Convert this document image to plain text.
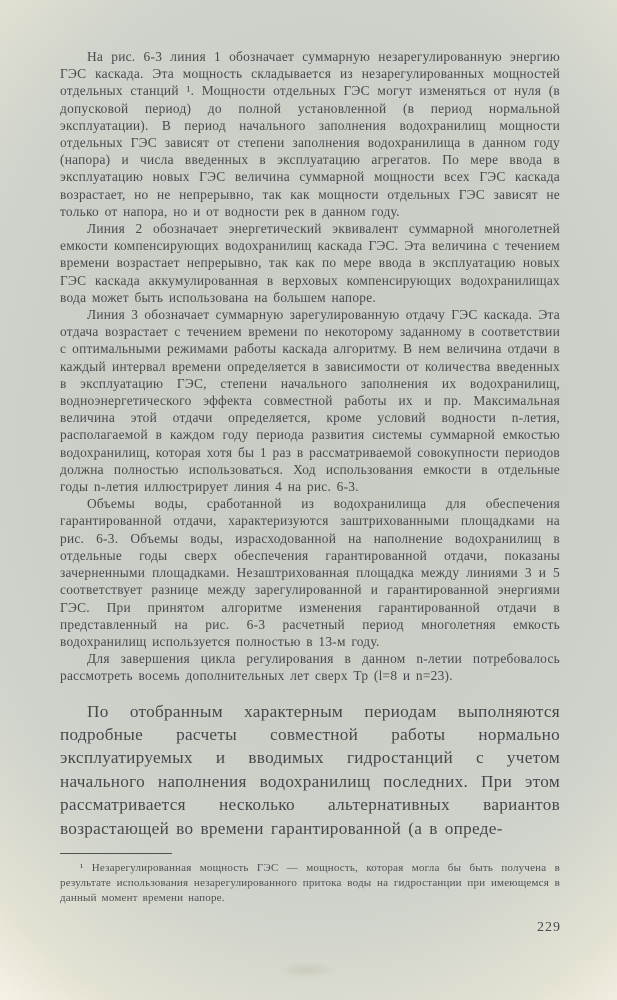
На рис. 6-3 линия 1 обозначает суммарную незарегулированную энергию ГЭС каскада. Эта мощность складывается из незарегулированных мощностей отдельных станций ¹. Мощности отдельных ГЭС могут изменяться от нуля (в допусковой период) до полной установленной (в период нормальной эксплуатации). В период начального заполнения водохранилищ мощности отдельных ГЭС зависят от степени заполнения водохранилища в данном году (напора) и числа введенных в эксплуатацию агрегатов. По мере ввода в эксплуатацию новых ГЭС величина суммарной мощности всех ГЭС каскада возрастает, но не непрерывно, так как мощности отдельных ГЭС зависят не только от напора, но и от водности рек в данном году.

Линия 2 обозначает энергетический эквивалент суммарной многолетней емкости компенсирующих водохранилищ каскада ГЭС. Эта величина с течением времени возрастает непрерывно, так как по мере ввода в эксплуатацию новых ГЭС каскада аккумулированная в верховых компенсирующих водохранилищах вода может быть использована на большем напоре.

Линия 3 обозначает суммарную зарегулированную отдачу ГЭС каскада. Эта отдача возрастает с течением времени по некоторому заданному в соответствии с оптимальными режимами работы каскада алгоритму. В нем величина отдачи в каждый интервал времени определяется в зависимости от количества введенных в эксплуатацию ГЭС, степени начального заполнения их водохранилищ, водноэнергетического эффекта совместной работы их и пр. Максимальная величина этой отдачи определяется, кроме условий водности n-летия, располагаемой в каждом году периода развития системы суммарной емкостью водохранилищ, которая хотя бы 1 раз в рассматриваемой совокупности периодов должна полностью использоваться. Ход использования емкости в отдельные годы n-летия иллюстрирует линия 4 на рис. 6-3.

Объемы воды, сработанной из водохранилища для обеспечения гарантированной отдачи, характеризуются заштрихованными площадками на рис. 6-3. Объемы воды, израсходованной на наполнение водохранилищ в отдельные годы сверх обеспечения гарантированной отдачи, показаны зачерненными площадками. Незаштрихованная площадка между линиями 3 и 5 соответствует разнице между зарегулированной и гарантированной энергиями ГЭС. При принятом алгоритме изменения гарантированной отдачи в представленный на рис. 6-3 расчетный период многолетняя емкость водохранилищ используется полностью в 13-м году.

Для завершения цикла регулирования в данном n-летии потребовалось рассмотреть восемь дополнительных лет сверх Тр (l=8 и n=23).

По отобранным характерным периодам выполняются подробные расчеты совместной работы нормально эксплуатируемых и вводимых гидростанций с учетом начального наполнения водохранилищ последних. При этом рассматривается несколько альтернативных вариантов возрастающей во времени гарантированной (а в опреде-

¹ Незарегулированная мощность ГЭС — мощность, которая могла бы быть получена в результате использования незарегулированного притока воды на гидростанции при имеющемся в данный момент времени напоре.

229
